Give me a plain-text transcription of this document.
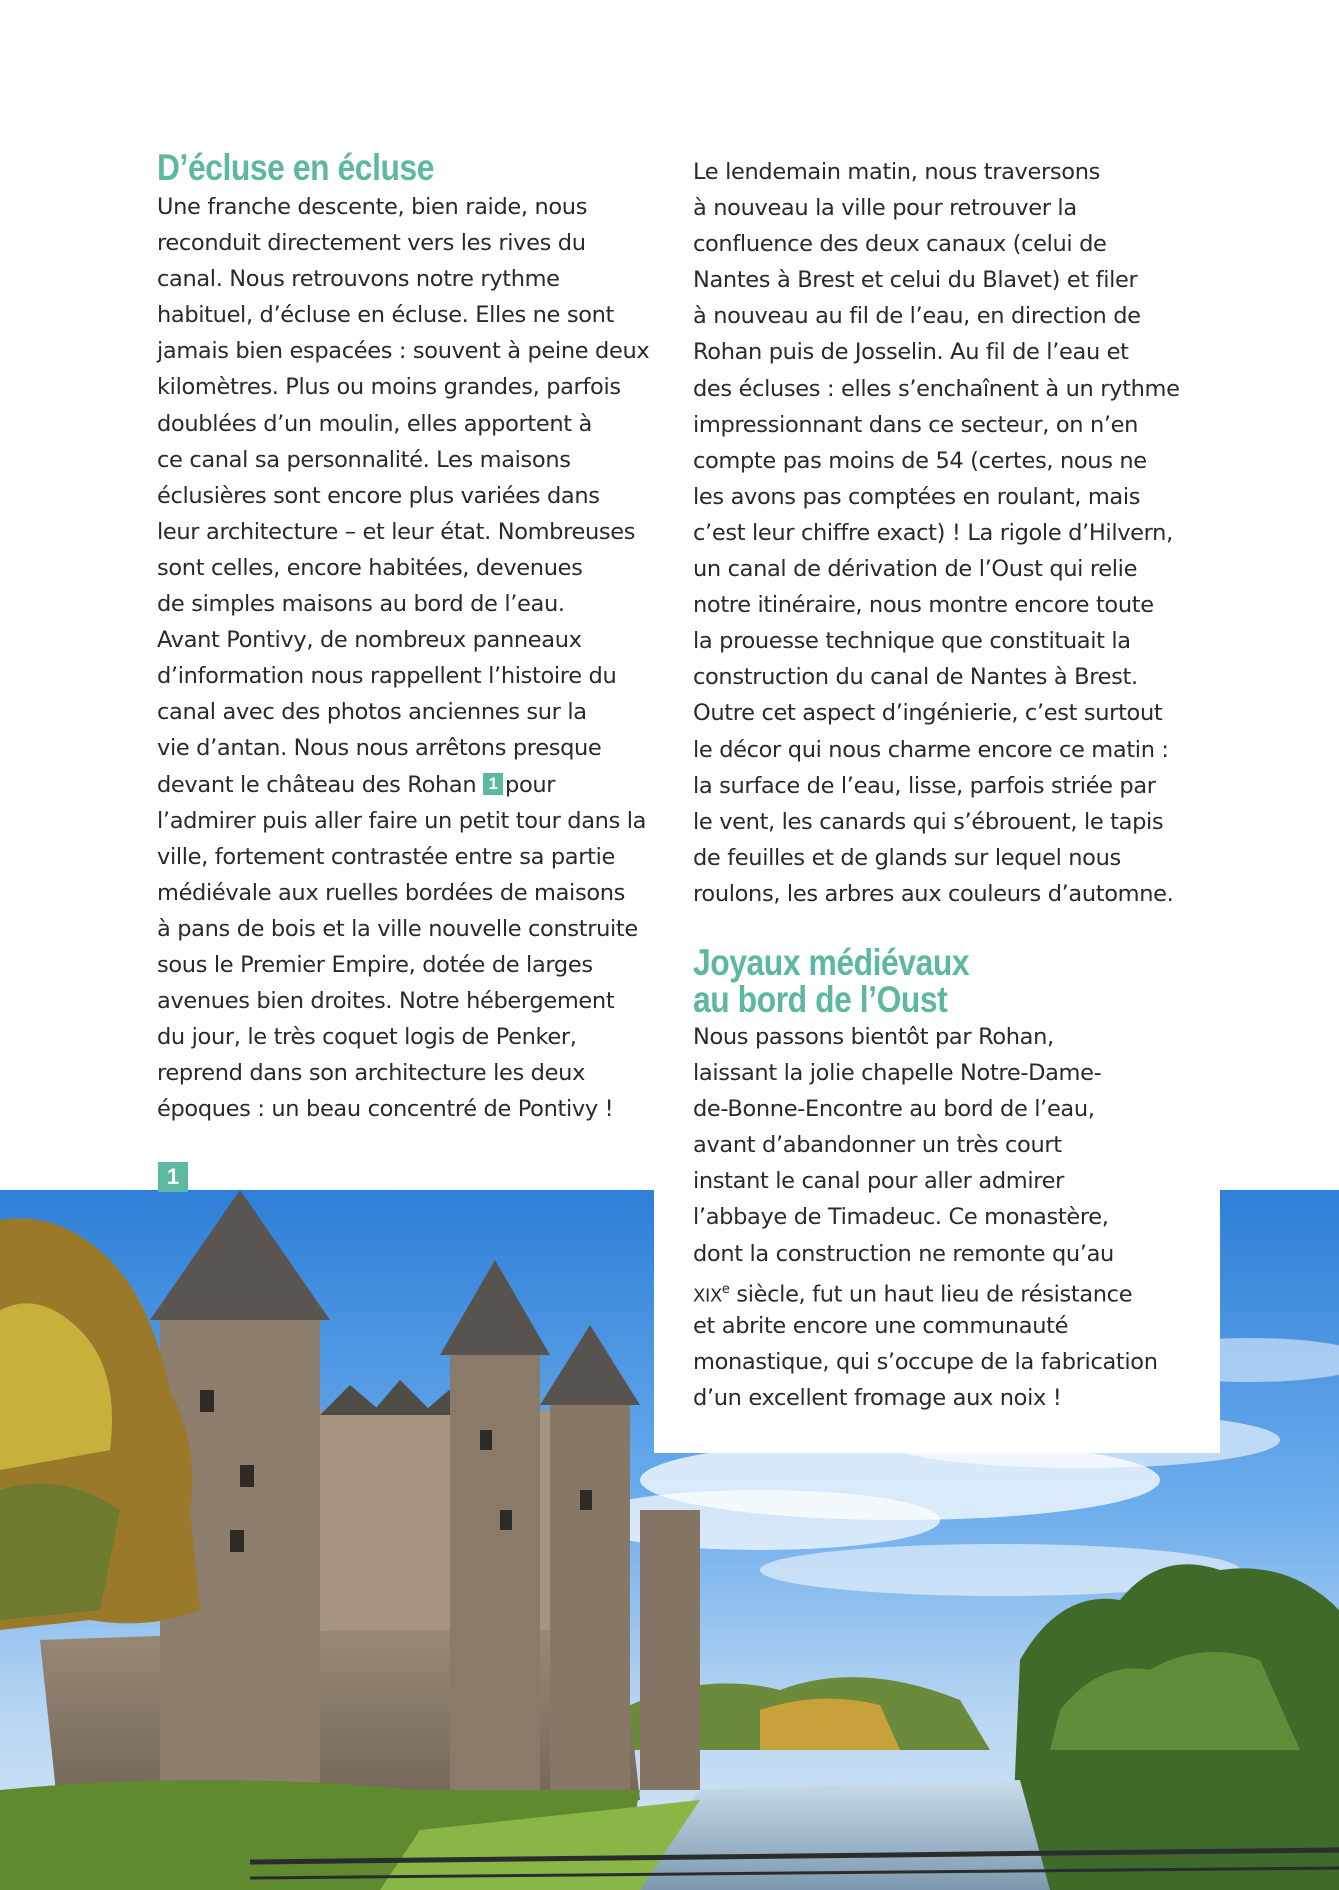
D’écluse en écluse
Une franche descente, bien raide, nous
reconduit directement vers les rives du
canal. Nous retrouvons notre rythme
habituel, d’écluse en écluse. Elles ne sont
jamais bien espacées : souvent à peine deux
kilomètres. Plus ou moins grandes, parfois
doublées d’un moulin, elles apportent à
ce canal sa personnalité. Les maisons
éclusières sont encore plus variées dans
leur architecture – et leur état. Nombreuses
sont celles, encore habitées, devenues
de simples maisons au bord de l’eau.
Avant Pontivy, de nombreux panneaux
d’information nous rappellent l’histoire du
canal avec des photos anciennes sur la
vie d’antan. Nous nous arrêtons presque
devant le château des Rohan 1 pour
l’admirer puis aller faire un petit tour dans la
ville, fortement contrastée entre sa partie
médiévale aux ruelles bordées de maisons
à pans de bois et la ville nouvelle construite
sous le Premier Empire, dotée de larges
avenues bien droites. Notre hébergement
du jour, le très coquet logis de Penker,
reprend dans son architecture les deux
époques : un beau concentré de Pontivy !
Le lendemain matin, nous traversons
à nouveau la ville pour retrouver la
confluence des deux canaux (celui de
Nantes à Brest et celui du Blavet) et filer
à nouveau au fil de l’eau, en direction de
Rohan puis de Josselin. Au fil de l’eau et
des écluses : elles s’enchaînent à un rythme
impressionnant dans ce secteur, on n’en
compte pas moins de 54 (certes, nous ne
les avons pas comptées en roulant, mais
c’est leur chiffre exact) ! La rigole d’Hilvern,
un canal de dérivation de l’Oust qui relie
notre itinéraire, nous montre encore toute
la prouesse technique que constituait la
construction du canal de Nantes à Brest.
Outre cet aspect d’ingénierie, c’est surtout
le décor qui nous charme encore ce matin :
la surface de l’eau, lisse, parfois striée par
le vent, les canards qui s’ébrouent, le tapis
de feuilles et de glands sur lequel nous
roulons, les arbres aux couleurs d’automne.
Joyaux médiévaux
au bord de l’Oust
1
Nous passons bientôt par Rohan,
laissant la jolie chapelle Notre-Dame-
de-Bonne-Encontre au bord de l’eau,
avant d’abandonner un très court
instant le canal pour aller admirer
l’abbaye de Timadeuc. Ce monastère,
dont la construction ne remonte qu’au
XIXe siècle, fut un haut lieu de résistance
et abrite encore une communauté
monastique, qui s’occupe de la fabrication
d’un excellent fromage aux noix !
